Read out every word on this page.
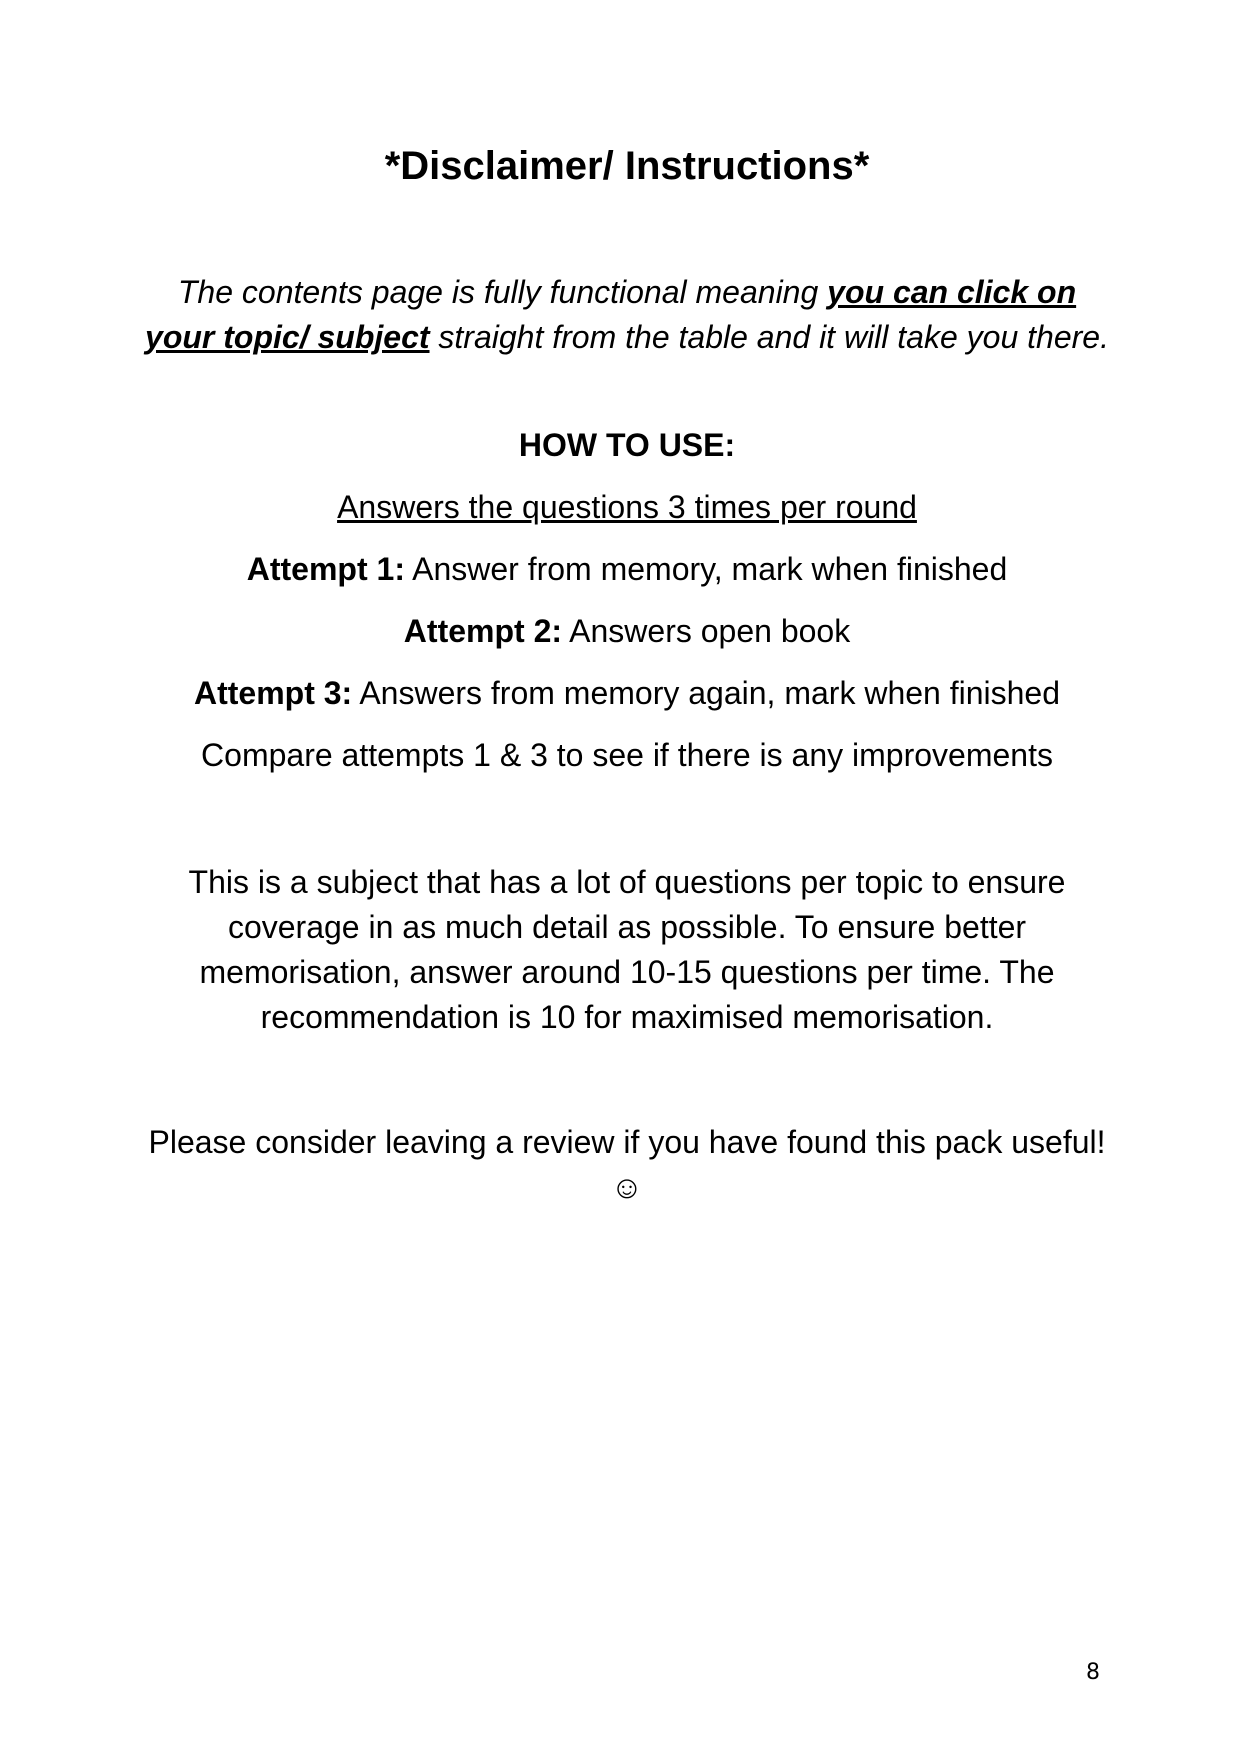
*Disclaimer/ Instructions*

The contents page is fully functional meaning you can click on your topic/ subject straight from the table and it will take you there.

HOW TO USE:

Answers the questions 3 times per round

Attempt 1: Answer from memory, mark when finished

Attempt 2: Answers open book

Attempt 3: Answers from memory again, mark when finished

Compare attempts 1 & 3 to see if there is any improvements

This is a subject that has a lot of questions per topic to ensure coverage in as much detail as possible. To ensure better memorisation, answer around 10-15 questions per time. The recommendation is 10 for maximised memorisation.

Please consider leaving a review if you have found this pack useful! ☺

8
